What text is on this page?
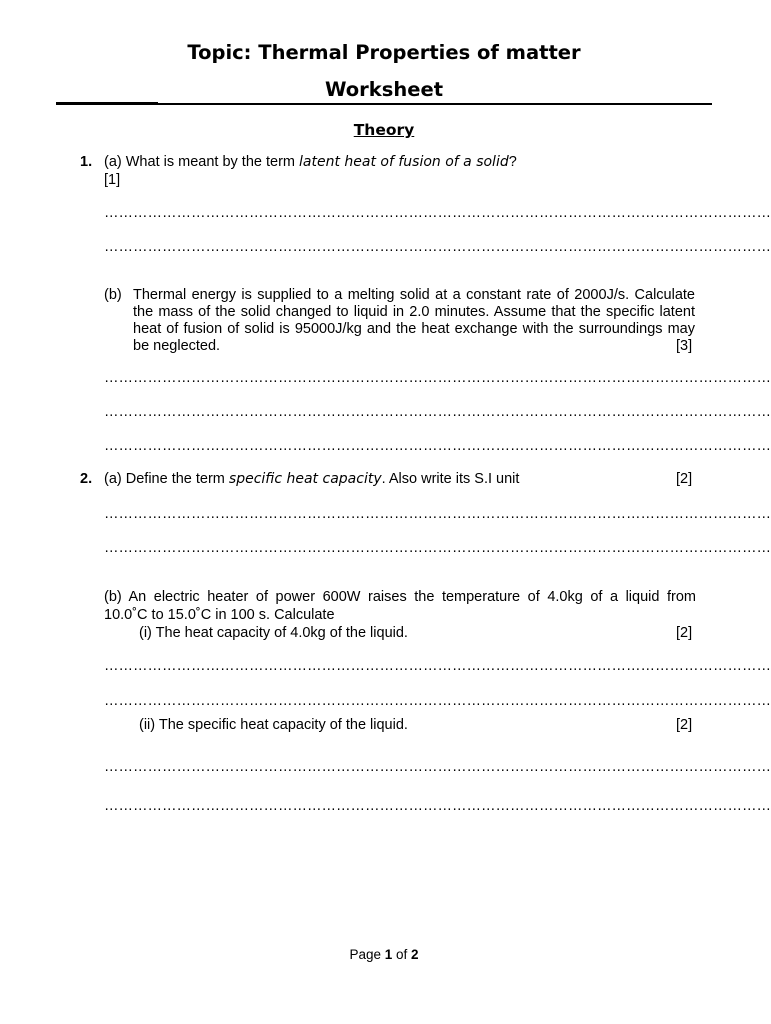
Topic: Thermal Properties of matter
Worksheet
Theory
1. (a) What is meant by the term latent heat of fusion of a solid?
[1]
…………………………………………………………………………………………………………………………
…………………………………………………………………………………………………………………………
(b) Thermal energy is supplied to a melting solid at a constant rate of 2000J/s. Calculate the mass of the solid changed to liquid in 2.0 minutes. Assume that the specific latent heat of fusion of solid is 95000J/kg and the heat exchange with the surroundings may be neglected.	[3]
…………………………………………………………………………………………………………………………
…………………………………………………………………………………………………………………………
…………………………………………………………………………………………………………………………
2. (a) Define the term specific heat capacity. Also write its S.I unit	[2]
…………………………………………………………………………………………………………………………
…………………………………………………………………………………………………………………………
(b) An electric heater of power 600W raises the temperature of 4.0kg of a liquid from
10.0˚C to 15.0˚C in 100 s. Calculate
(i) The heat capacity of 4.0kg of the liquid.	[2]
…………………………………………………………………………………………………………………………
…………………………………………………………………………………………………………………………
(ii) The specific heat capacity of the liquid.	[2]
…………………………………………………………………………………………………………………………
…………………………………………………………………………………………………………………………
Page 1 of 2
